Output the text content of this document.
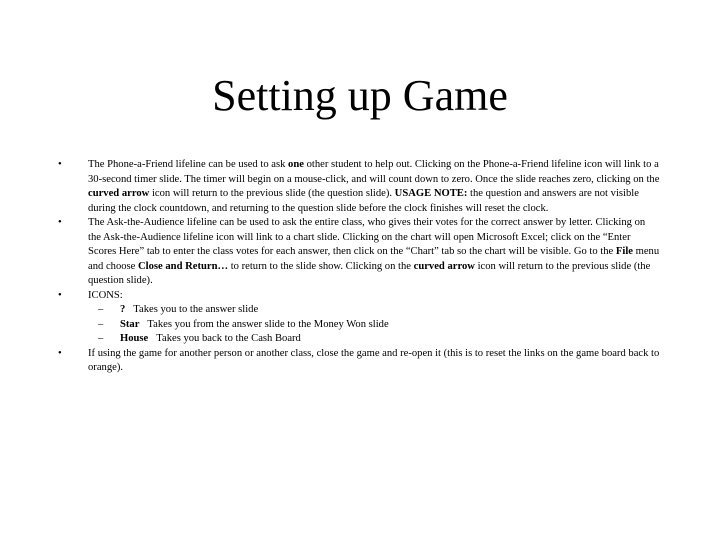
Setting up Game
•	The Phone-a-Friend lifeline can be used to ask one other student to help out. Clicking on the Phone-a-Friend lifeline icon will link to a 30-second timer slide. The timer will begin on a mouse-click, and will count down to zero. Once the slide reaches zero, clicking on the curved arrow icon will return to the previous slide (the question slide). USAGE NOTE: the question and answers are not visible during the clock countdown, and returning to the question slide before the clock finishes will reset the clock.
•	The Ask-the-Audience lifeline can be used to ask the entire class, who gives their votes for the correct answer by letter. Clicking on the Ask-the-Audience lifeline icon will link to a chart slide. Clicking on the chart will open Microsoft Excel; click on the “Enter Scores Here” tab to enter the class votes for each answer, then click on the “Chart” tab so the chart will be visible. Go to the File menu and choose Close and Return… to return to the slide show. Clicking on the curved arrow icon will return to the previous slide (the question slide).
•	ICONS:
– ? Takes you to the answer slide
– Star Takes you from the answer slide to the Money Won slide
– House Takes you back to the Cash Board
•	If using the game for another person or another class, close the game and re-open it (this is to reset the links on the game board back to orange).
